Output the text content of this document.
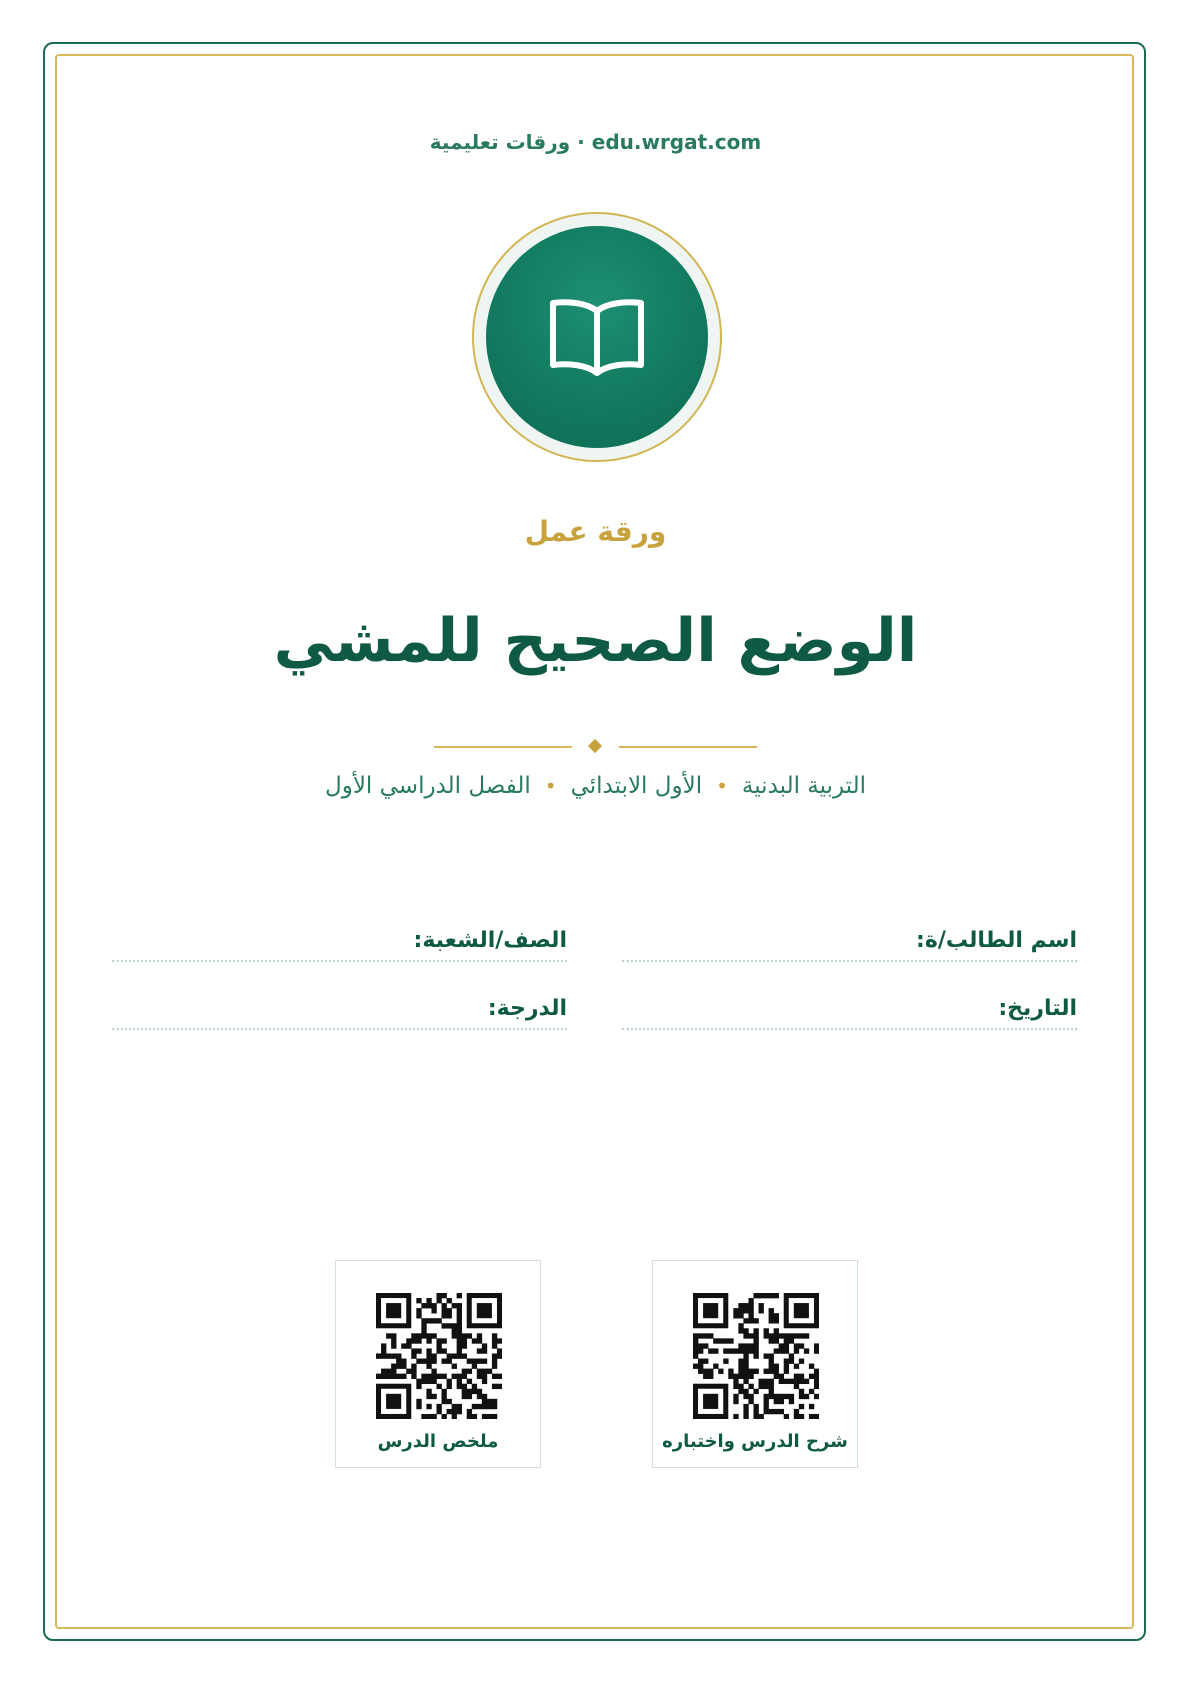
edu.wrgat.com · ورقات تعليمية
ورقة عمل
الوضع الصحيح للمشي
التربية البدنية•الأول الابتدائي•الفصل الدراسي الأول
اسم الطالب/ة:
الصف/الشعبة:
التاريخ:
الدرجة:
شرح الدرس واختباره
ملخص الدرس
